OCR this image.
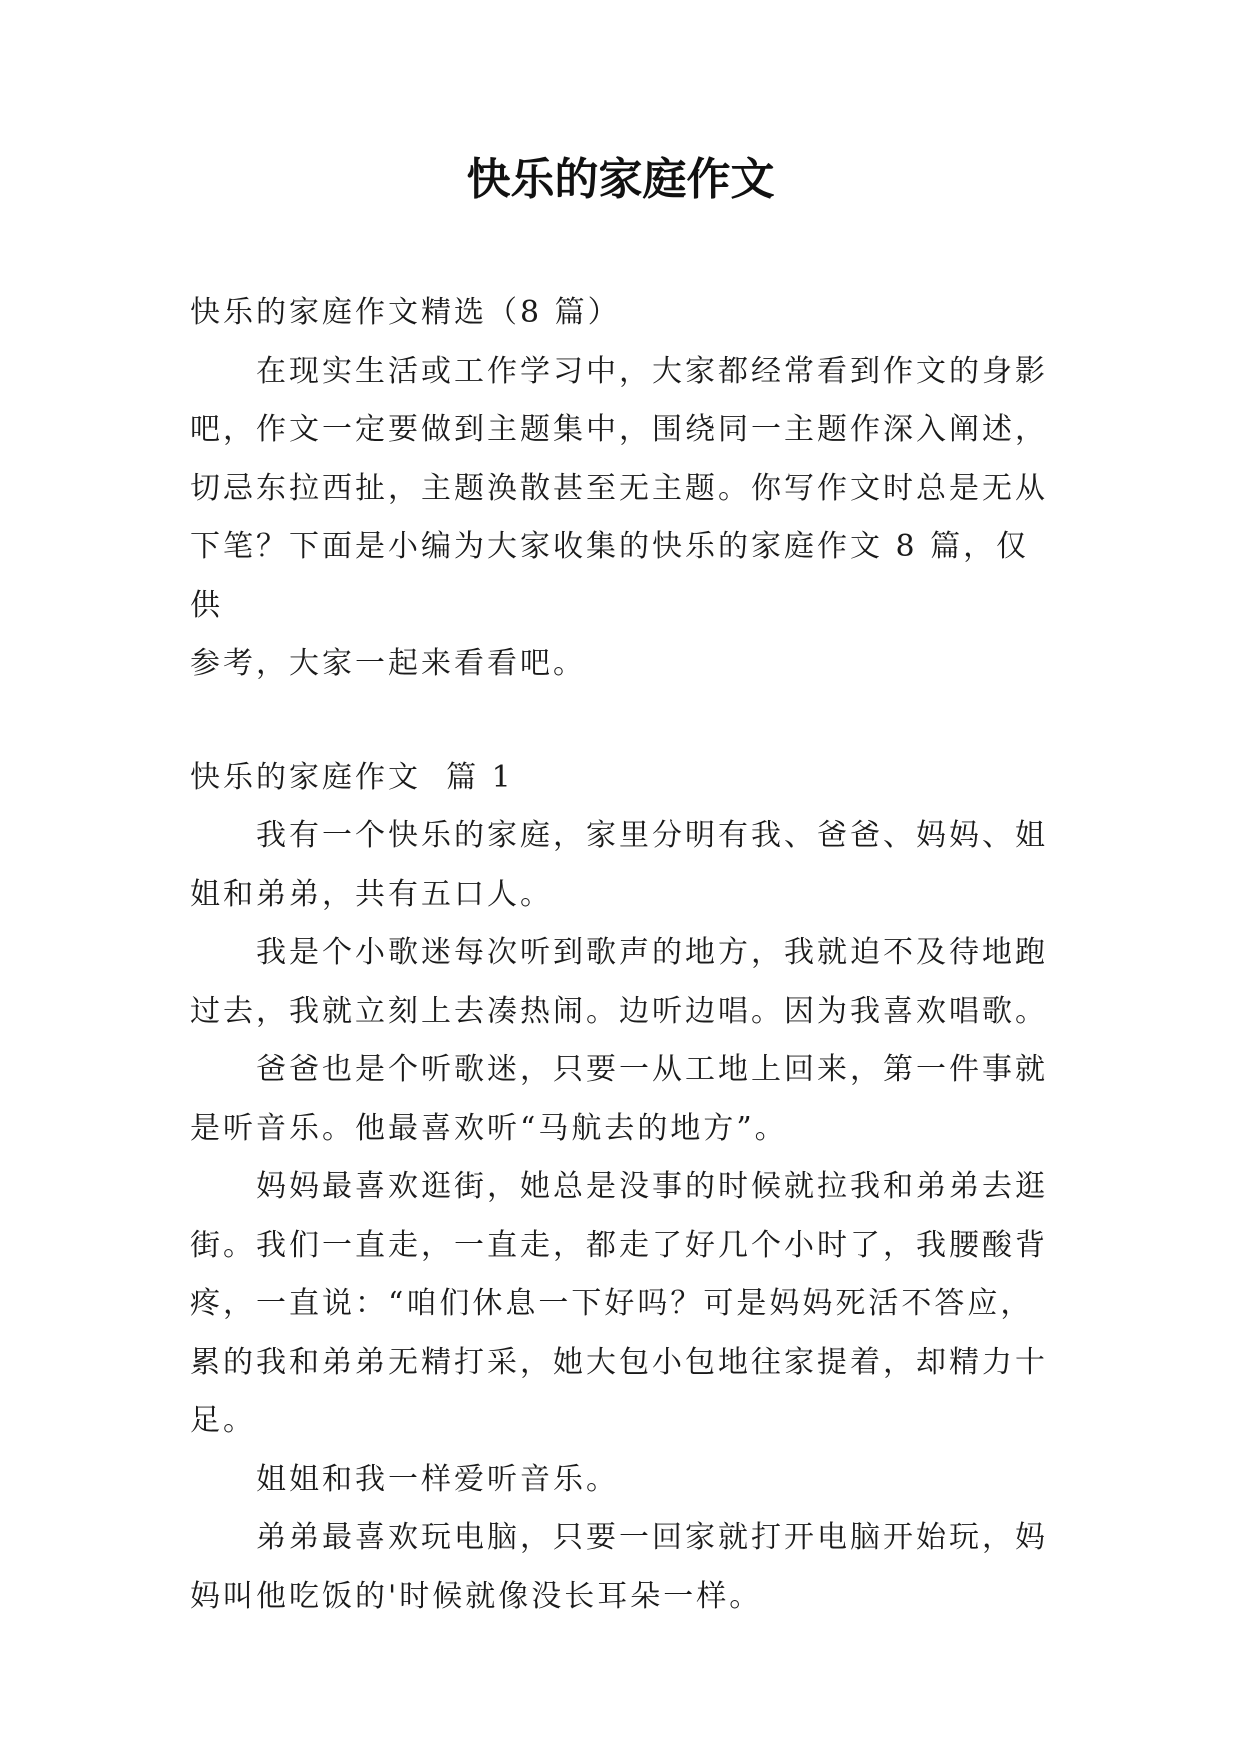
快乐的家庭作文

快乐的家庭作文精选（8 篇）

在现实生活或工作学习中，大家都经常看到作文的身影

吧，作文一定要做到主题集中，围绕同一主题作深入阐述，

切忌东拉西扯，主题涣散甚至无主题。你写作文时总是无从

下笔？下面是小编为大家收集的快乐的家庭作文 8 篇，仅供

参考，大家一起来看看吧。

快乐的家庭作文  篇 1

我有一个快乐的家庭，家里分明有我、爸爸、妈妈、姐

姐和弟弟，共有五口人。

我是个小歌迷每次听到歌声的地方，我就迫不及待地跑

过去，我就立刻上去凑热闹。边听边唱。因为我喜欢唱歌。

爸爸也是个听歌迷，只要一从工地上回来，第一件事就

是听音乐。他最喜欢听“马航去的地方”。

妈妈最喜欢逛街，她总是没事的时候就拉我和弟弟去逛

街。我们一直走，一直走，都走了好几个小时了，我腰酸背

疼，一直说：“咱们休息一下好吗？可是妈妈死活不答应，

累的我和弟弟无精打采，她大包小包地往家提着，却精力十

足。

姐姐和我一样爱听音乐。

弟弟最喜欢玩电脑，只要一回家就打开电脑开始玩，妈

妈叫他吃饭的'时候就像没长耳朵一样。
